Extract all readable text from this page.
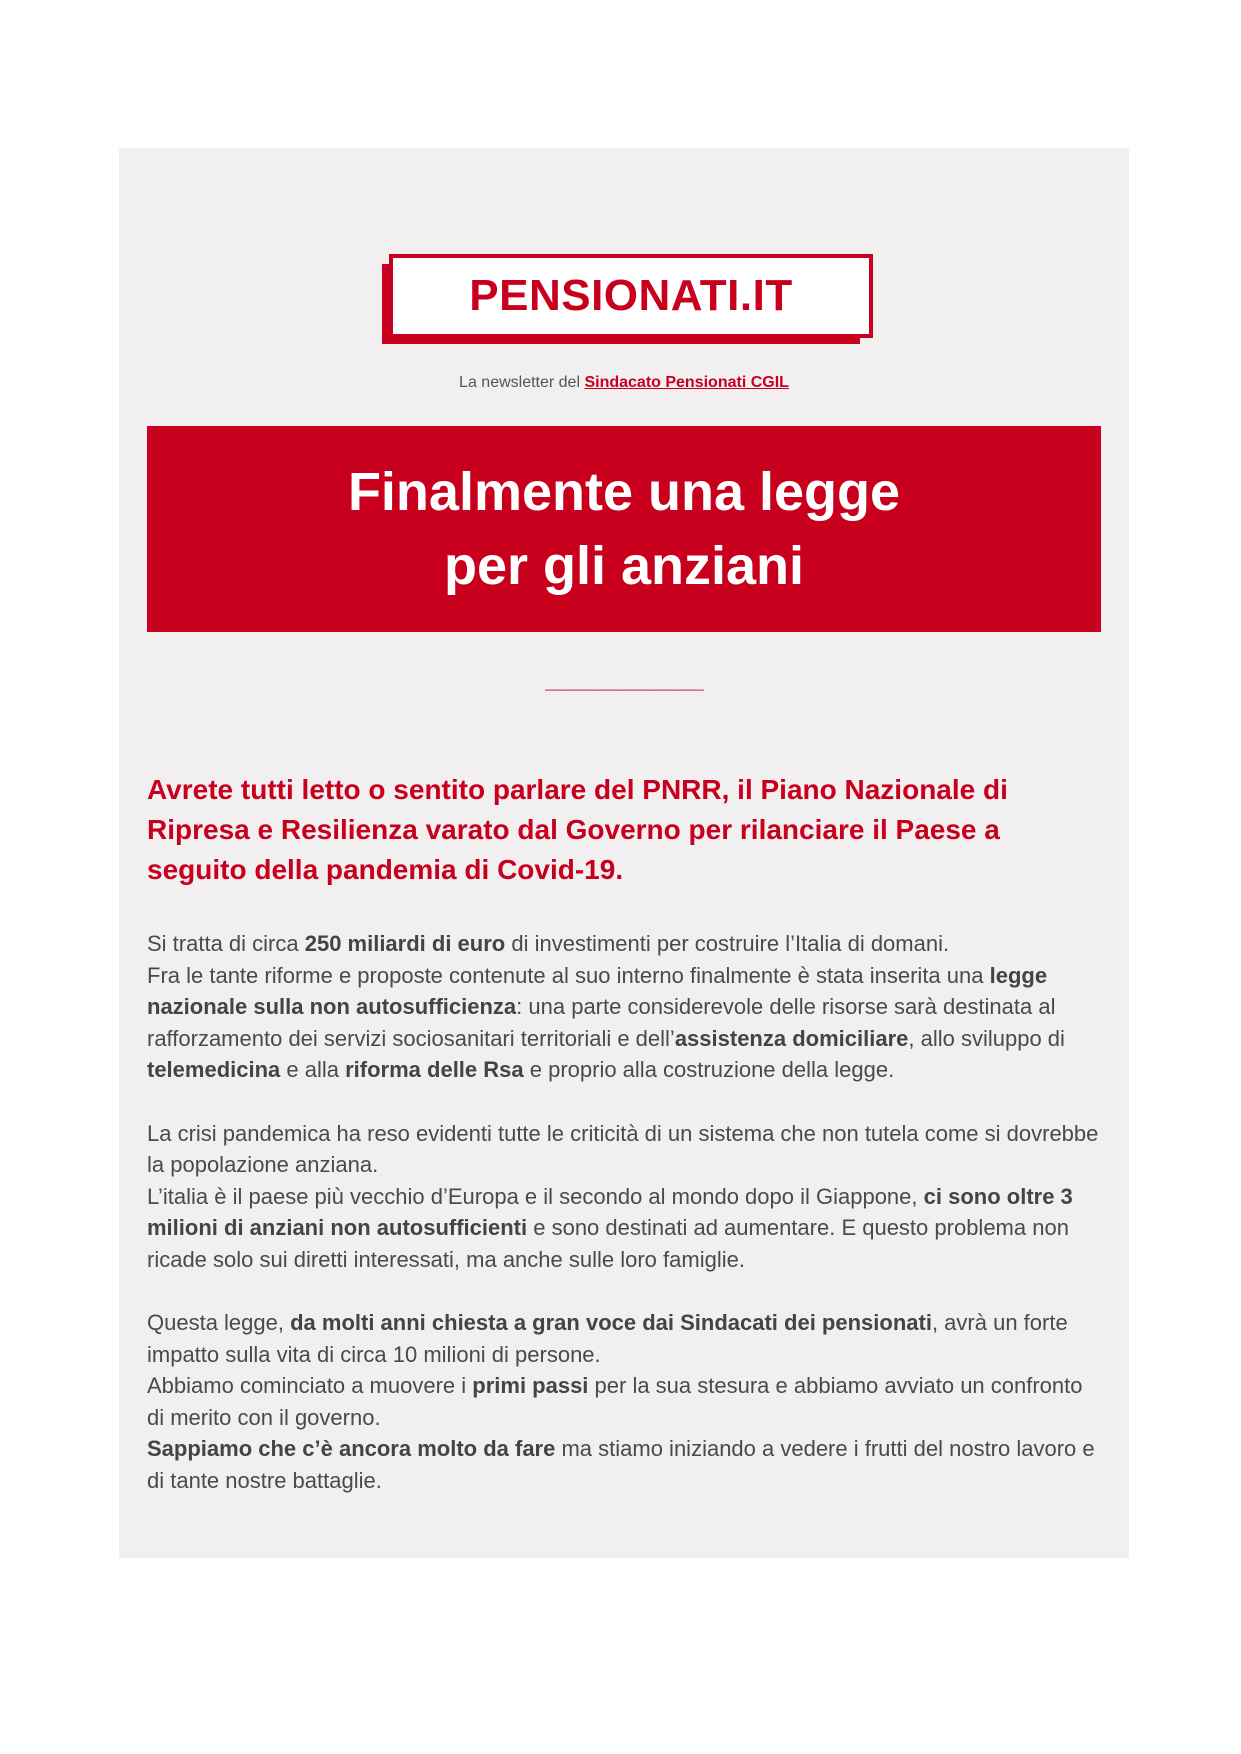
PENSIONATI.IT
La newsletter del Sindacato Pensionati CGIL
Finalmente una legge
per gli anziani
______________

Avrete tutti letto o sentito parlare del PNRR, il Piano Nazionale di Ripresa e Resilienza varato dal Governo per rilanciare il Paese a seguito della pandemia di Covid-19.

Si tratta di circa 250 miliardi di euro di investimenti per costruire l’Italia di domani.
Fra le tante riforme e proposte contenute al suo interno finalmente è stata inserita una legge nazionale sulla non autosufficienza: una parte considerevole delle risorse sarà destinata al rafforzamento dei servizi sociosanitari territoriali e dell’assistenza domiciliare, allo sviluppo di telemedicina e alla riforma delle Rsa e proprio alla costruzione della legge.

La crisi pandemica ha reso evidenti tutte le criticità di un sistema che non tutela come si dovrebbe la popolazione anziana.
L’italia è il paese più vecchio d’Europa e il secondo al mondo dopo il Giappone, ci sono oltre 3 milioni di anziani non autosufficienti e sono destinati ad aumentare. E questo problema non ricade solo sui diretti interessati, ma anche sulle loro famiglie.

Questa legge, da molti anni chiesta a gran voce dai Sindacati dei pensionati, avrà un forte impatto sulla vita di circa 10 milioni di persone.
Abbiamo cominciato a muovere i primi passi per la sua stesura e abbiamo avviato un confronto di merito con il governo.
Sappiamo che c’è ancora molto da fare ma stiamo iniziando a vedere i frutti del nostro lavoro e di tante nostre battaglie.
